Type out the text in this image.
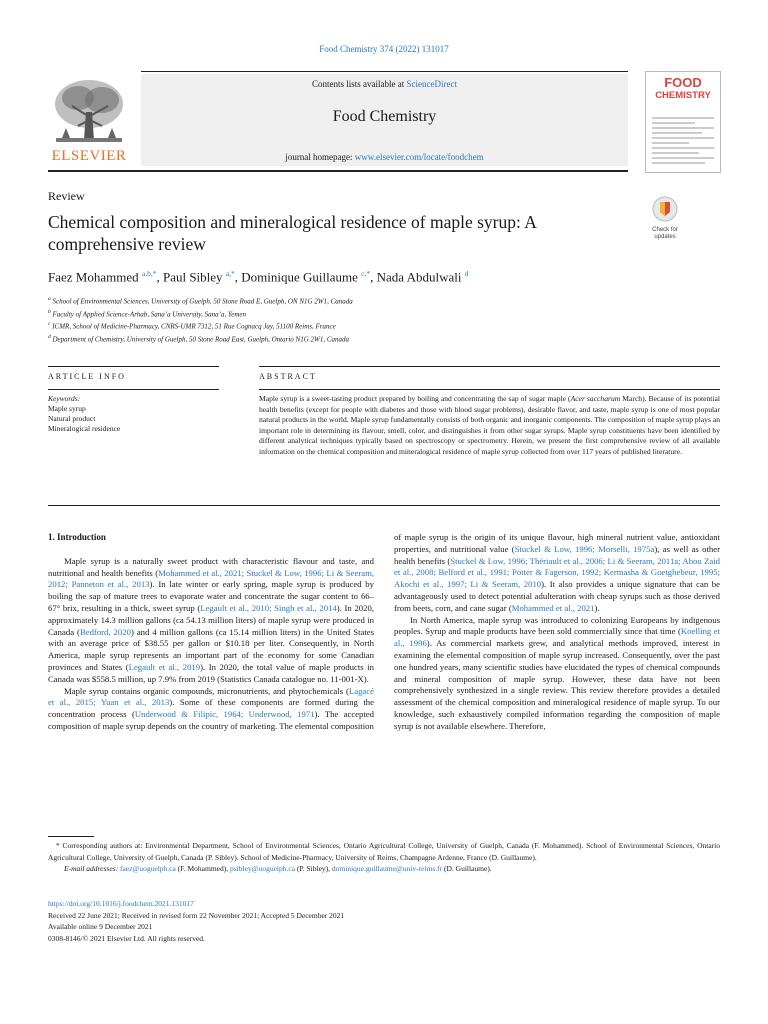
Food Chemistry 374 (2022) 131017
Contents lists available at ScienceDirect
Food Chemistry
journal homepage: www.elsevier.com/locate/foodchem
ELSEVIER
FOOD
CHEMISTRY
Review
Chemical composition and mineralogical residence of maple syrup: A comprehensive review
Check for
updates
Faez Mohammed $^{a,b,*}$, Paul Sibley $^{a,*}$, Dominique Guillaume $^{c,*}$, Nada Abdulwali $^d$
$^a$ School of Environmental Sciences, University of Guelph, 50 Stone Road E, Guelph, ON N1G 2W1, Canada
$^b$ Faculty of Applied Science-Arhab, Sana’a University, Sana’a, Yemen
$^c$ ICMR, School of Medicine-Pharmacy, CNRS-UMR 7312, 51 Rue Cognacq Jay, 51100 Reims, France
$^d$ Department of Chemistry, University of Guelph, 50 Stone Road East, Guelph, Ontario N1G 2W1, Canada
ARTICLE INFO	ABSTRACT
Keywords:
Maple syrup
Natural product
Mineralogical residence
Maple syrup is a sweet-tasting product prepared by boiling and concentrating the sap of sugar maple (Acer saccharum March). Because of its potential health benefits (except for people with diabetes and those with blood sugar problems), desirable flavor, and taste, maple syrup is one of most popular natural products in the world. Maple syrup fundamentally consists of both organic and inorganic components. The composition of maple syrup plays an important role in determining its flavour, smell, color, and distinguishes it from other sugar syrups. Maple syrup constituents have been identified by different analytical techniques typically based on spectroscopy or spectrometry. Herein, we present the first comprehensive review of all available information on the chemical composition and mineralogical residence of maple syrup collected from over 117 years of published literature.

1. Introduction

Maple syrup is a naturally sweet product with characteristic flavour and taste, and nutritional and health benefits (Mohammed et al., 2021; Stuckel & Low, 1996; Li & Seeram, 2012; Panneton et al., 2013). In late winter or early spring, maple syrup is produced by boiling the sap of mature trees to evaporate water and concentrate the sugar content to 66–67° brix, resulting in a thick, sweet syrup (Legault et al., 2010; Singh et al., 2014). In 2020, approximately 14.3 million gallons (ca 54.13 million liters) of maple syrup were produced in Canada (Bedford, 2020) and 4 million gallons (ca 15.14 million liters) in the United States with an average price of $38.55 per gallon or $10.18 per liter. Consequently, in North America, maple syrup represents an important part of the economy for some Canadian provinces and States (Legault et al., 2019). In 2020, the total value of maple products in Canada was $558.5 million, up 7.9% from 2019 (Statistics Canada catalogue no. 11-001-X).

Maple syrup contains organic compounds, micronutrients, and phytochemicals (Lagacé et al., 2015; Yuan et al., 2013). Some of these components are formed during the concentration process (Underwood & Filipic, 1964; Underwood, 1971). The accepted composition of maple syrup depends on the country of marketing. The elemental composition

of maple syrup is the origin of its unique flavour, high mineral nutrient value, antioxidant properties, and nutritional value (Stuckel & Low, 1996; Morselli, 1975a), as well as other health benefits (Stuckel & Low, 1996; Thériault et al., 2006; Li & Seeram, 2011a; Abou Zaid et al., 2008; Belford et al., 1991; Potter & Fagerson, 1992; Kermasha & Goetghebeur, 1995; Akochi et al., 1997; Li & Seeram, 2010). It also provides a unique signature that can be advantageously used to detect potential adulteration with cheap syrups such as those derived from beets, corn, and cane sugar (Mohammed et al., 2021).

In North America, maple syrup was introduced to colonizing Europeans by indigenous peoples. Syrup and maple products have been sold commercially since that time (Koelling et al., 1996). As commercial markets grew, and analytical methods improved, interest in examining the elemental composition of maple syrup increased. Consequently, over the past one hundred years, many scientific studies have elucidated the types of chemical compounds and mineral composition of maple syrup. However, these data have not been comprehensively synthesized in a single review. This review therefore provides a detailed assessment of the chemical composition and mineralogical residence of maple syrup. To our knowledge, such exhaustively compiled information regarding the composition of maple syrup is not available elsewhere. Therefore,

* Corresponding authors at: Environmental Department, School of Environmental Sciences, Ontario Agricultural College, University of Guelph, Canada (F. Mohammed). School of Environmental Sciences, Ontario Agricultural College, University of Guelph, Canada (P. Sibley). School of Medicine-Pharmacy, University of Reims, Champagne Ardenne, France (D. Guillaume).
E-mail addresses: faez@uoguelph.ca (F. Mohammed), psibley@uoguelph.ca (P. Sibley), dominique.guillaume@univ-reims.fr (D. Guillaume).
https://doi.org/10.1016/j.foodchem.2021.131017
Received 22 June 2021; Received in revised form 22 November 2021; Accepted 5 December 2021
Available online 9 December 2021
0308-8146/© 2021 Elsevier Ltd. All rights reserved.
